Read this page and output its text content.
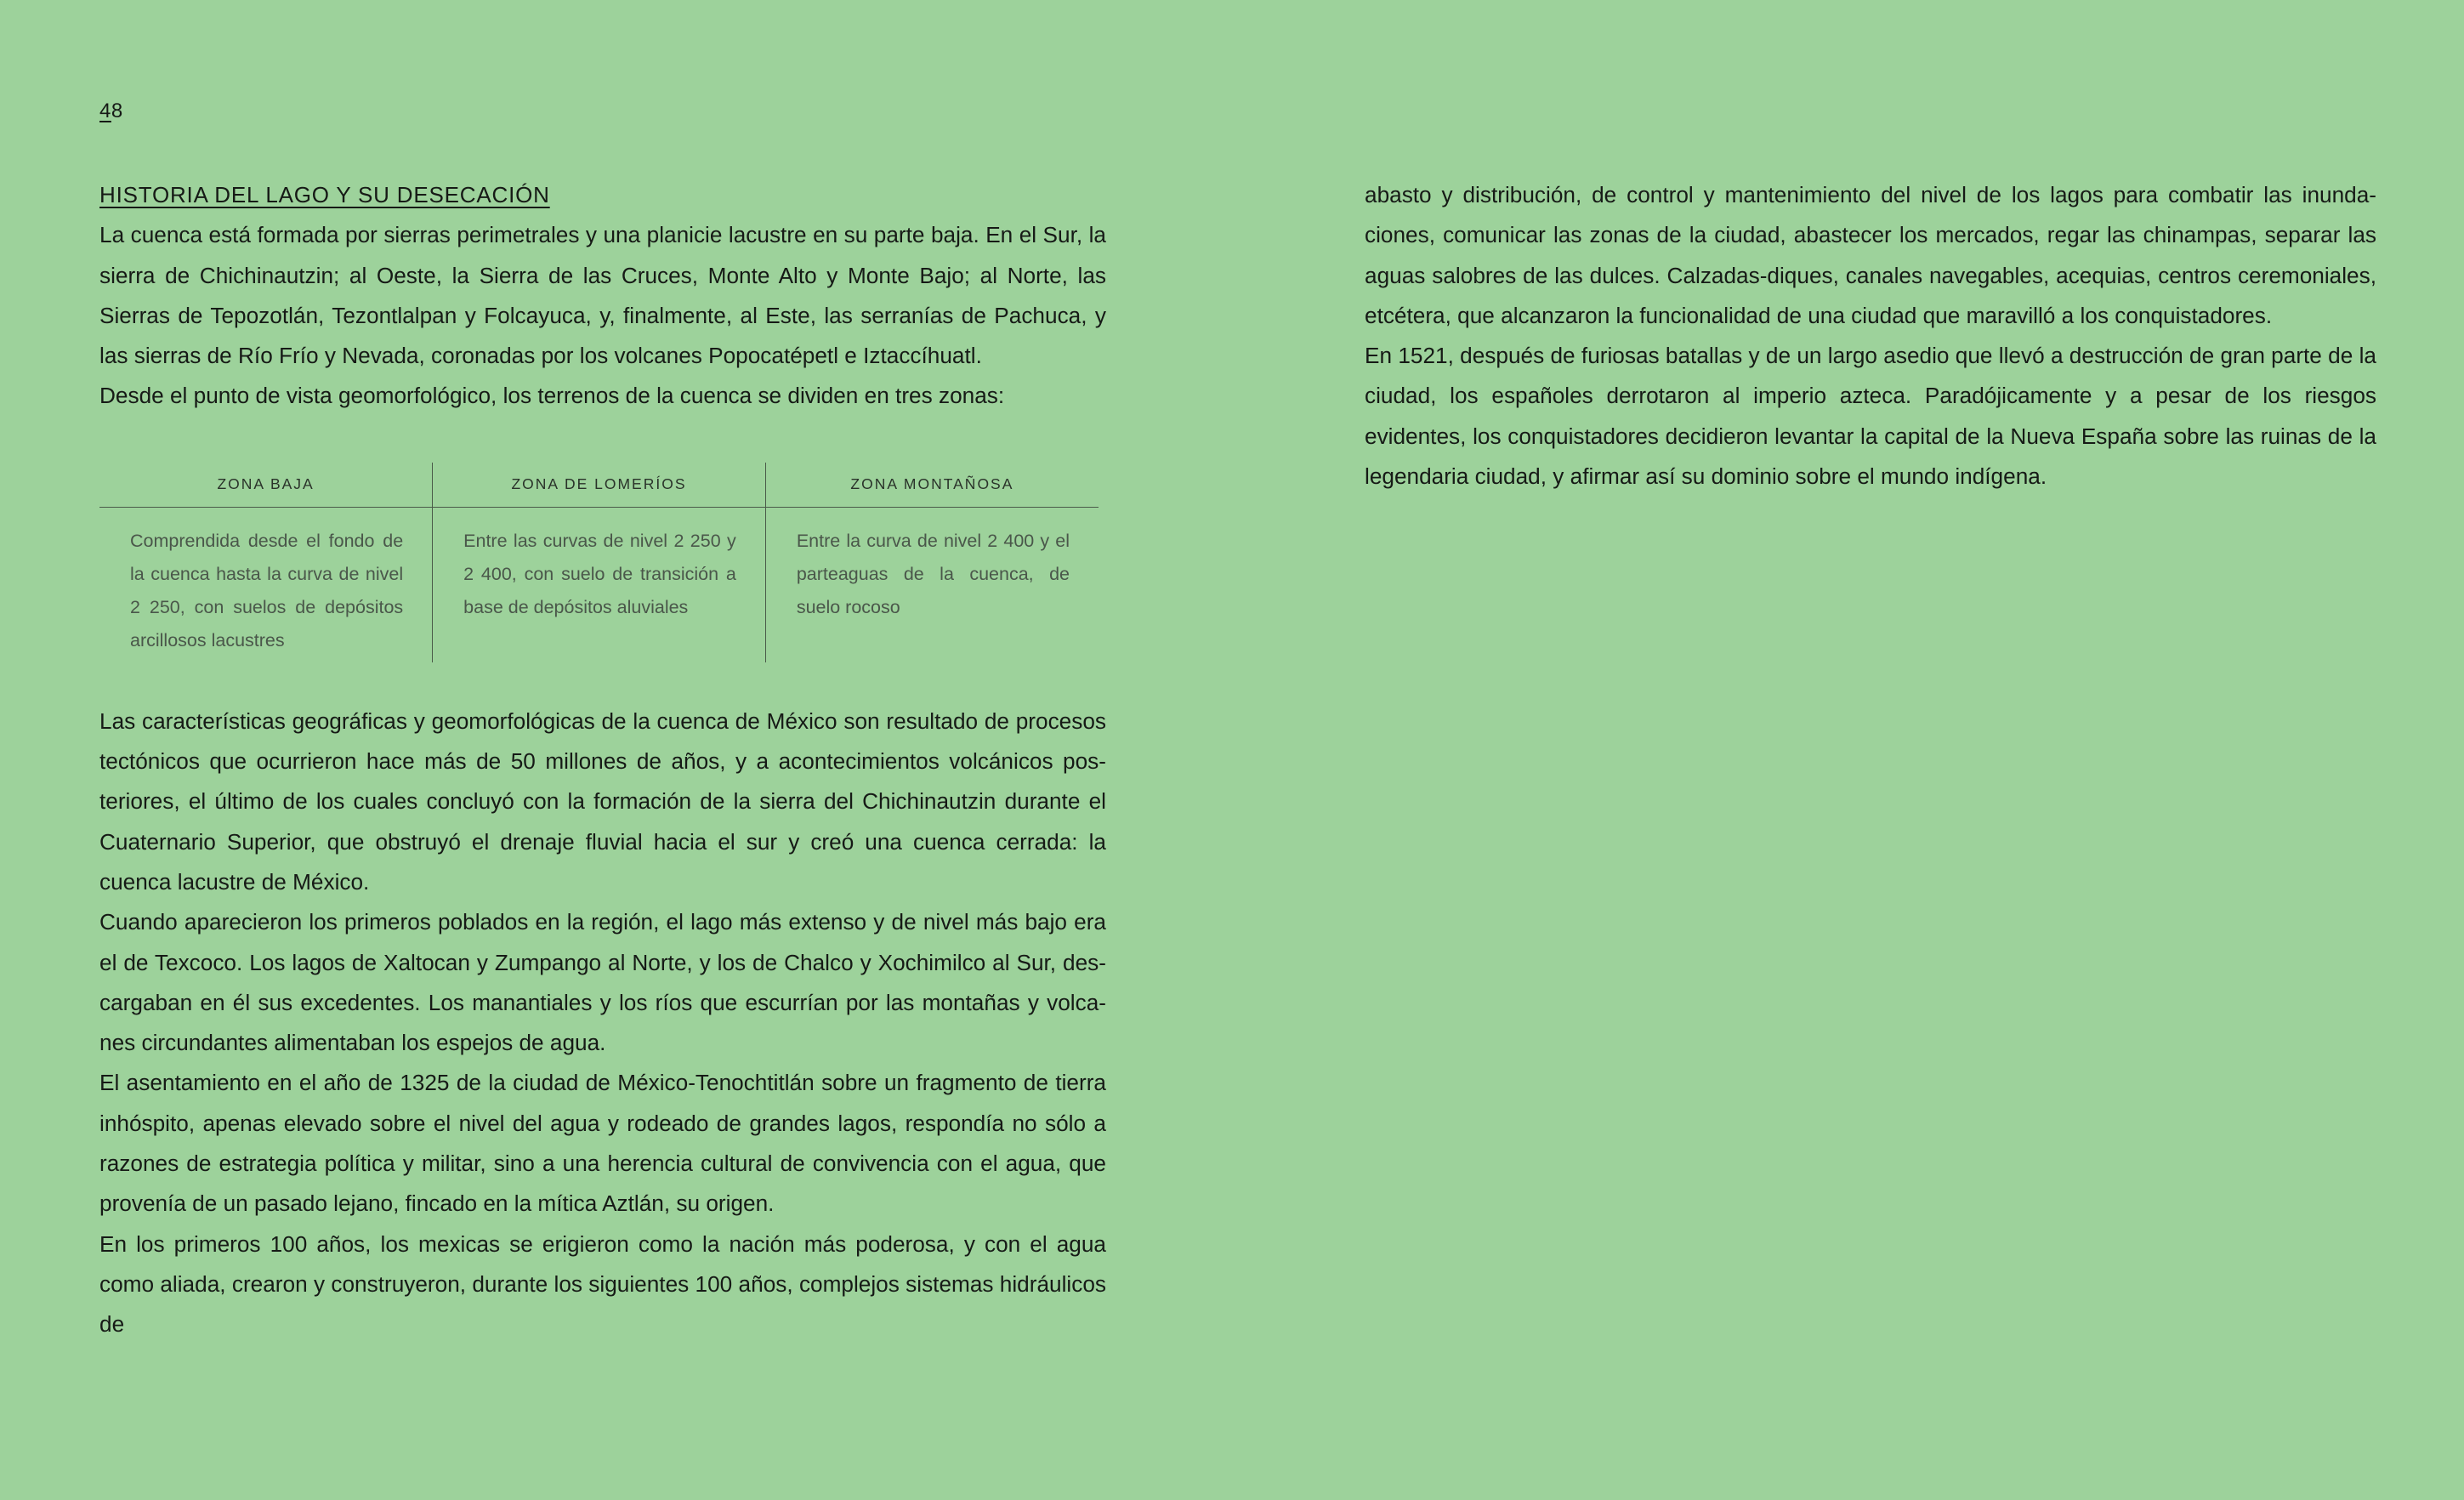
48
HISTORIA DEL LAGO Y SU DESECACIÓN

La cuenca está formada por sierras perimetrales y una planicie lacustre en su parte baja. En el Sur, la sierra de Chichinautzin; al Oeste, la Sierra de las Cruces, Monte Alto y Monte Bajo; al Norte, las Sierras de Tepozotlán, Tezontlalpan y Folcayuca, y, finalmente, al Este, las serranías de Pachuca, y las sierras de Río Frío y Nevada, coronadas por los volcanes Popocatépetl e Iztaccíhuatl.

Desde el punto de vista geomorfológico, los terrenos de la cuenca se dividen en tres zonas:

ZONA BAJA	ZONA DE LOMERÍOS	ZONA MONTAÑOSA
Comprendida desde el fondo de la cuenca hasta la curva de nivel 2 250, con suelos de depósitos arcillosos lacustres	Entre las curvas de nivel 2 250 y 2 400, con suelo de transición a base de depósitos aluviales	Entre la curva de nivel 2 400 y el parteaguas de la cuenca, de suelo rocoso

Las características geográficas y geomorfológicas de la cuenca de México son resultado de procesos tectónicos que ocurrieron hace más de 50 millones de años, y a acontecimientos volcánicos posteriores, el último de los cuales concluyó con la formación de la sierra del Chichinautzin durante el Cuaternario Superior, que obstruyó el drenaje fluvial hacia el sur y creó una cuenca cerrada: la cuenca lacustre de México.

Cuando aparecieron los primeros poblados en la región, el lago más extenso y de nivel más bajo era el de Texcoco. Los lagos de Xaltocan y Zumpango al Norte, y los de Chalco y Xochimilco al Sur, descargaban en él sus excedentes. Los manantiales y los ríos que escurrían por las montañas y volcanes circundantes alimentaban los espejos de agua.

El asentamiento en el año de 1325 de la ciudad de México-Tenochtitlán sobre un fragmento de tierra inhóspito, apenas elevado sobre el nivel del agua y rodeado de grandes lagos, respondía no sólo a razones de estrategia política y militar, sino a una herencia cultural de convivencia con el agua, que provenía de un pasado lejano, fincado en la mítica Aztlán, su origen.

En los primeros 100 años, los mexicas se erigieron como la nación más poderosa, y con el agua como aliada, crearon y construyeron, durante los siguientes 100 años, complejos sistemas hidráulicos de

abasto y distribución, de control y mantenimiento del nivel de los lagos para combatir las inundaciones, comunicar las zonas de la ciudad, abastecer los mercados, regar las chinampas, separar las aguas salobres de las dulces. Calzadas-diques, canales navegables, acequias, centros ceremoniales, etcétera, que alcanzaron la funcionalidad de una ciudad que maravilló a los conquistadores.

En 1521, después de furiosas batallas y de un largo asedio que llevó a destrucción de gran parte de la ciudad, los españoles derrotaron al imperio azteca. Paradójicamente y a pesar de los riesgos evidentes, los conquistadores decidieron levantar la capital de la Nueva España sobre las ruinas de la legendaria ciudad, y afirmar así su dominio sobre el mundo indígena.
